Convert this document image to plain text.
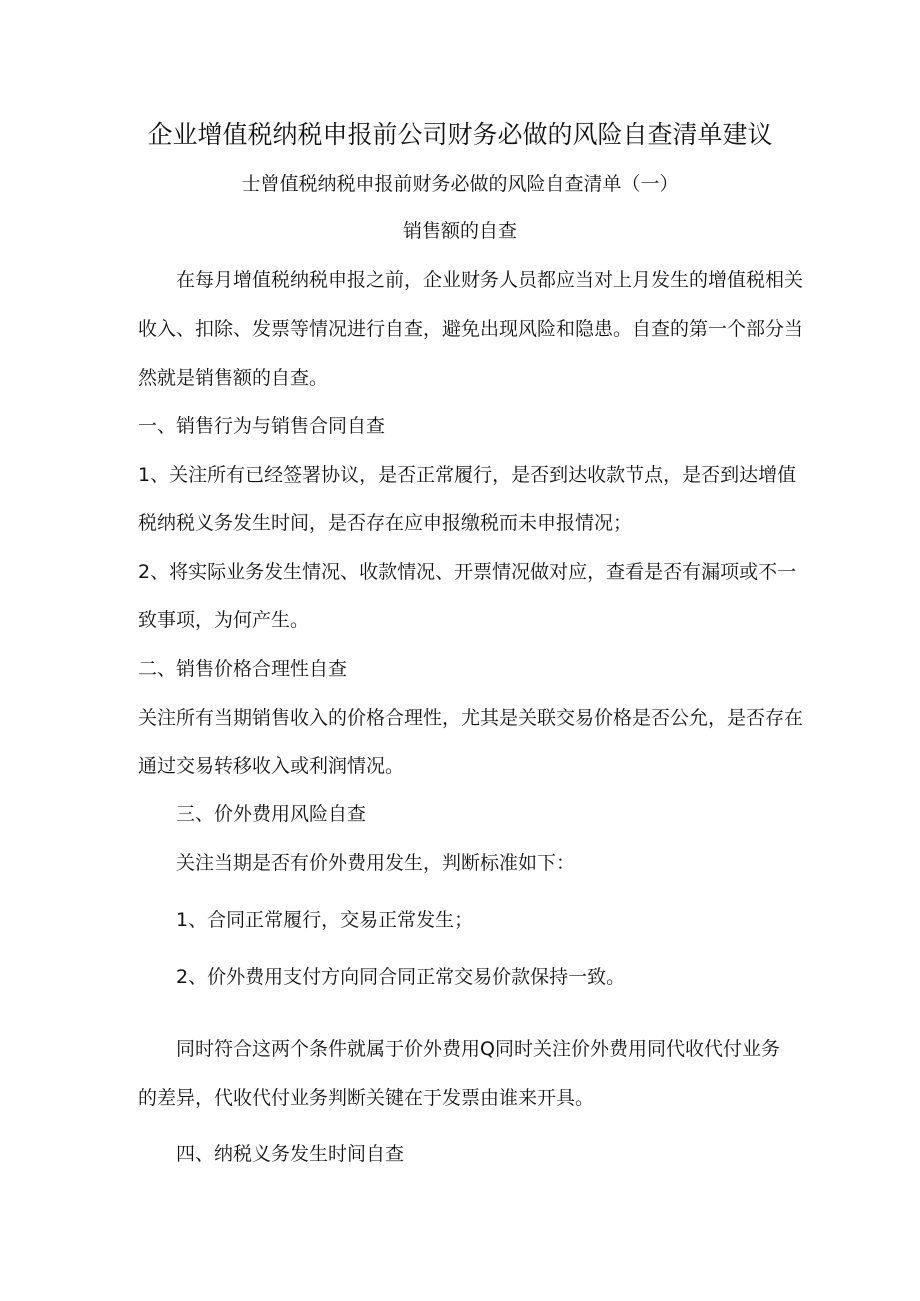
企业增值税纳税申报前公司财务必做的风险自查清单建议
士曾值税纳税申报前财务必做的风险自查清单（一）
销售额的自查
在每月增值税纳税申报之前，企业财务人员都应当对上月发生的增值税相关
收入、扣除、发票等情况进行自查，避免出现风险和隐患。自查的第一个部分当
然就是销售额的自查。
一、销售行为与销售合同自查
1、关注所有已经签署协议，是否正常履行，是否到达收款节点，是否到达增值
税纳税义务发生时间，是否存在应申报缴税而未申报情况；
2、将实际业务发生情况、收款情况、开票情况做对应，查看是否有漏项或不一
致事项，为何产生。
二、销售价格合理性自查
关注所有当期销售收入的价格合理性，尤其是关联交易价格是否公允，是否存在
通过交易转移收入或利润情况。
三、价外费用风险自查
关注当期是否有价外费用发生，判断标准如下：
1、合同正常履行，交易正常发生；
2、价外费用支付方向同合同正常交易价款保持一致。
同时符合这两个条件就属于价外费用Q同时关注价外费用同代收代付业务
的差异，代收代付业务判断关键在于发票由谁来开具。
四、纳税义务发生时间自查
